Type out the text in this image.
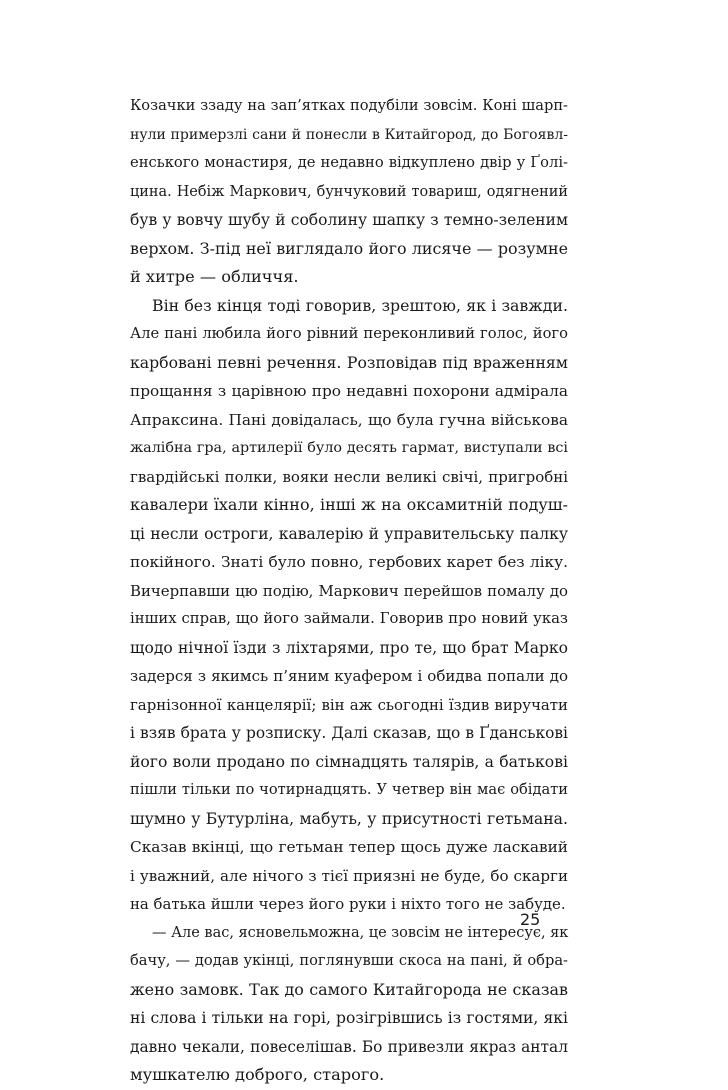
Козачки ззаду на зап’ятках подубіли зовсім. Коні шарп-
нули примерзлі сани й понесли в Китайгород, до Богоявл-
енського монастиря, де недавно відкуплено двір у Ґолі-
цина. Небіж Маркович, бунчуковий товариш, одягнений
був у вовчу шубу й соболину шапку з темно-зеленим
верхом. З-під неї виглядало його лисяче — розумне
й хитре — обличчя.
Він без кінця тоді говорив, зрештою, як і завжди.
Але пані любила його рівний переконливий голос, його
карбовані певні речення. Розповідав під враженням
прощання з царівною про недавні похорони адмірала
Апраксина. Пані довідалась, що була гучна військова
жалібна гра, артилерії було десять гармат, виступали всі
гвардійські полки, вояки несли великі свічі, пригробні
кавалери їхали кінно, інші ж на оксамитній подуш-
ці несли остроги, кавалерію й управительську палку
покійного. Знаті було повно, гербових карет без ліку.
Вичерпавши цю подію, Маркович перейшов помалу до
інших справ, що його займали. Говорив про новий указ
щодо нічної їзди з ліхтарями, про те, що брат Марко
задерся з якимсь п’яним куафером і обидва попали до
гарнізонної канцелярії; він аж сьогодні їздив виручати
і взяв брата у розписку. Далі сказав, що в Ґданськові
його воли продано по сімнадцять талярів, а батькові
пішли тільки по чотирнадцять. У четвер він має обідати
шумно у Бутурліна, мабуть, у присутності гетьмана.
Сказав вкінці, що гетьман тепер щось дуже ласкавий
і уважний, але нічого з тієї приязні не буде, бо скарги
на батька йшли через його руки і ніхто того не забуде.
— Але вас, ясновельможна, це зовсім не інтересує, як
бачу, — додав укінці, поглянувши скоса на пані, й обра-
жено замовк. Так до самого Китайгорода не сказав
ні слова і тільки на горі, розігрівшись із гостями, які
давно чекали, повеселішав. Бо привезли якраз антал
мушкателю доброго, старого.
25
